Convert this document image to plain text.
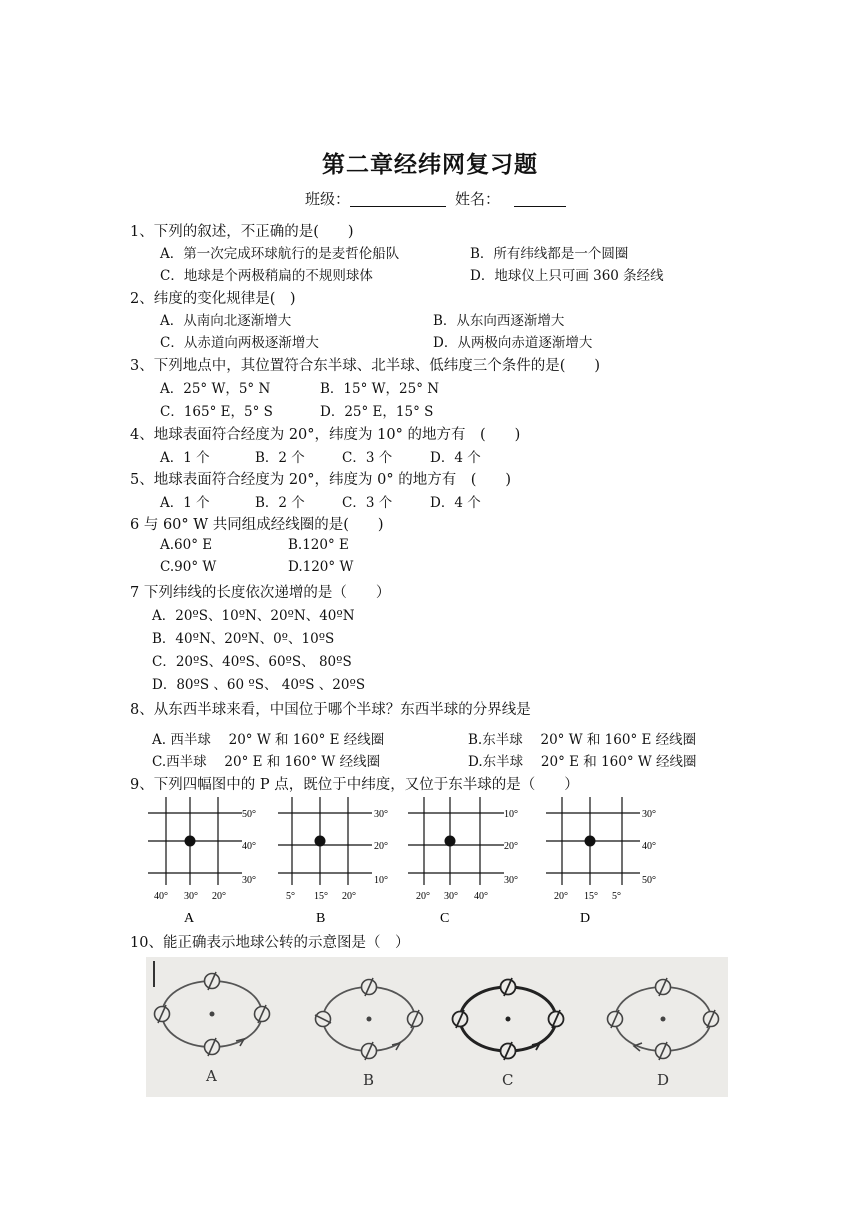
第二章经纬网复习题
班级：	姓名：
1、下列的叙述，不正确的是(　　)
A．第一次完成环球航行的是麦哲伦船队	B．所有纬线都是一个圆圈
C．地球是个两极稍扁的不规则球体	D．地球仪上只可画 360 条经线
2、纬度的变化规律是(　)
A．从南向北逐渐增大	B．从东向西逐渐增大
C．从赤道向两极逐渐增大	D．从两极向赤道逐渐增大
3、下列地点中，其位置符合东半球、北半球、低纬度三个条件的是(　　)
A．25° W，5° N	B．15° W，25° N
C．165° E，5° S	D．25° E，15° S
4、地球表面符合经度为 20°，纬度为 10° 的地方有　(　　)
A．1 个	B．2 个	C．3 个	D．4 个
5、地球表面符合经度为 20°，纬度为 0° 的地方有　(　　)
A．1 个	B．2 个	C．3 个	D．4 个
6 与 60° W 共同组成经线圈的是(　　)
A.60° E	B.120° E
C.90° W	D.120° W
7 下列纬线的长度依次递增的是（　　）
A．20ºS、10ºN、20ºN、40ºN
B．40ºN、20ºN、0º、10ºS
C．20ºS、40ºS、60ºS、 80ºS
D．80ºS 、60 ºS、 40ºS 、20ºS
8、从东西半球来看，中国位于哪个半球？东西半球的分界线是
A. 西半球　 20° W 和 160° E 经线圈	B.东半球　 20° W 和 160° E 经线圈
C.西半球　 20° E 和 160° W 经线圈	D.东半球　 20° E 和 160° W 经线圈
9、下列四幅图中的 P 点，既位于中纬度，又位于东半球的是（　　）
50°
40°
30°
40° 30° 20°
A
30°
20°
10°
5° 15° 20°
B
10°
20°
30°
20° 30° 40°
C
30°
40°
50°
20° 15° 5°
D
10、能正确表示地球公转的示意图是（　）
A	B	C	D
